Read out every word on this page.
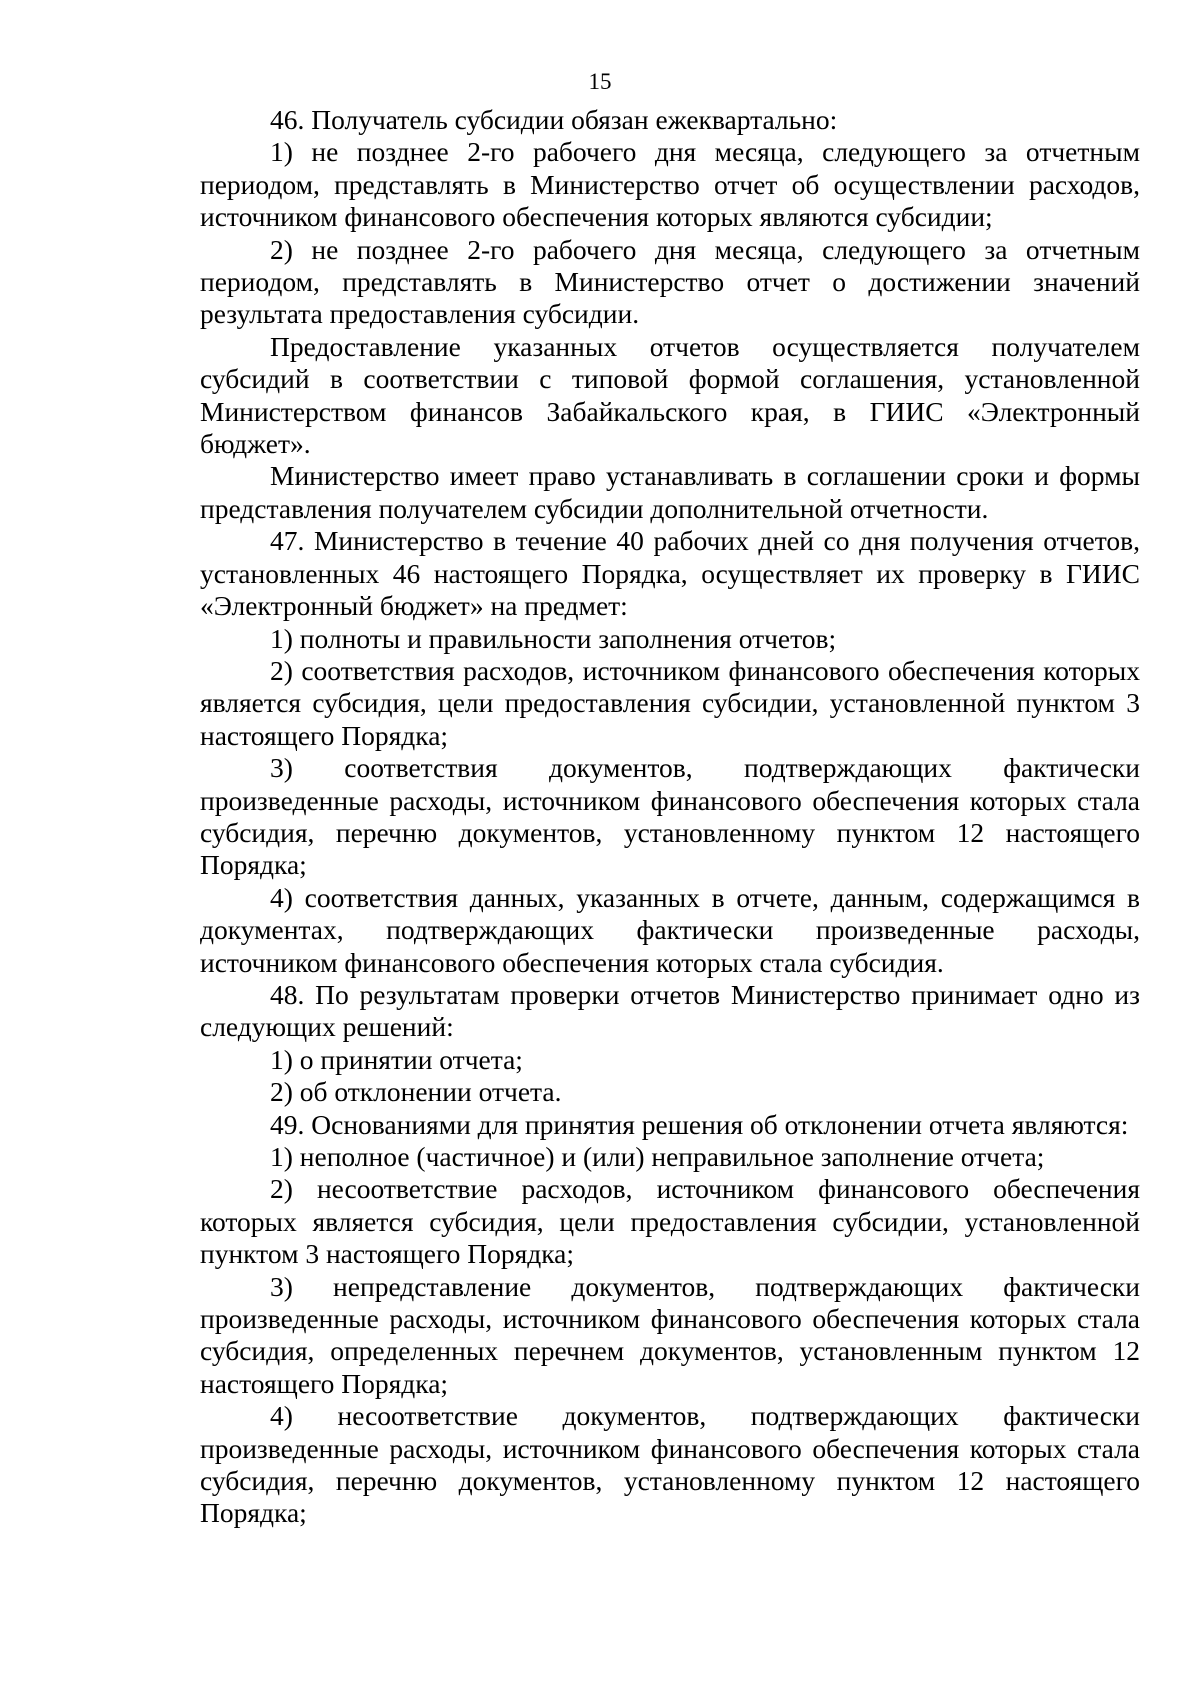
15

46. Получатель субсидии обязан ежеквартально:

1) не позднее 2-го рабочего дня месяца, следующего за отчетным периодом, представлять в Министерство отчет об осуществлении расходов, источником финансового обеспечения которых являются субсидии;

2) не позднее 2-го рабочего дня месяца, следующего за отчетным периодом, представлять в Министерство отчет о достижении значений результата предоставления субсидии.

Предоставление указанных отчетов осуществляется получателем субсидий в соответствии с типовой формой соглашения, установленной Министерством финансов Забайкальского края, в ГИИС «Электронный бюджет».

Министерство имеет право устанавливать в соглашении сроки и формы представления получателем субсидии дополнительной отчетности.

47. Министерство в течение 40 рабочих дней со дня получения отчетов, установленных 46 настоящего Порядка, осуществляет их проверку в ГИИС «Электронный бюджет» на предмет:

1) полноты и правильности заполнения отчетов;

2) соответствия расходов, источником финансового обеспечения которых является субсидия, цели предоставления субсидии, установленной пунктом 3 настоящего Порядка;

3) соответствия документов, подтверждающих фактически произведенные расходы, источником финансового обеспечения которых стала субсидия, перечню документов, установленному пунктом 12 настоящего Порядка;

4) соответствия данных, указанных в отчете, данным, содержащимся в документах, подтверждающих фактически произведенные расходы, источником финансового обеспечения которых стала субсидия.

48. По результатам проверки отчетов Министерство принимает одно из следующих решений:

1) о принятии отчета;

2) об отклонении отчета.

49. Основаниями для принятия решения об отклонении отчета являются:

1) неполное (частичное) и (или) неправильное заполнение отчета;

2) несоответствие расходов, источником финансового обеспечения которых является субсидия, цели предоставления субсидии, установленной пунктом 3 настоящего Порядка;

3) непредставление документов, подтверждающих фактически произведенные расходы, источником финансового обеспечения которых стала субсидия, определенных перечнем документов, установленным пунктом 12 настоящего Порядка;

4) несоответствие документов, подтверждающих фактически произведенные расходы, источником финансового обеспечения которых стала субсидия, перечню документов, установленному пунктом 12 настоящего Порядка;
